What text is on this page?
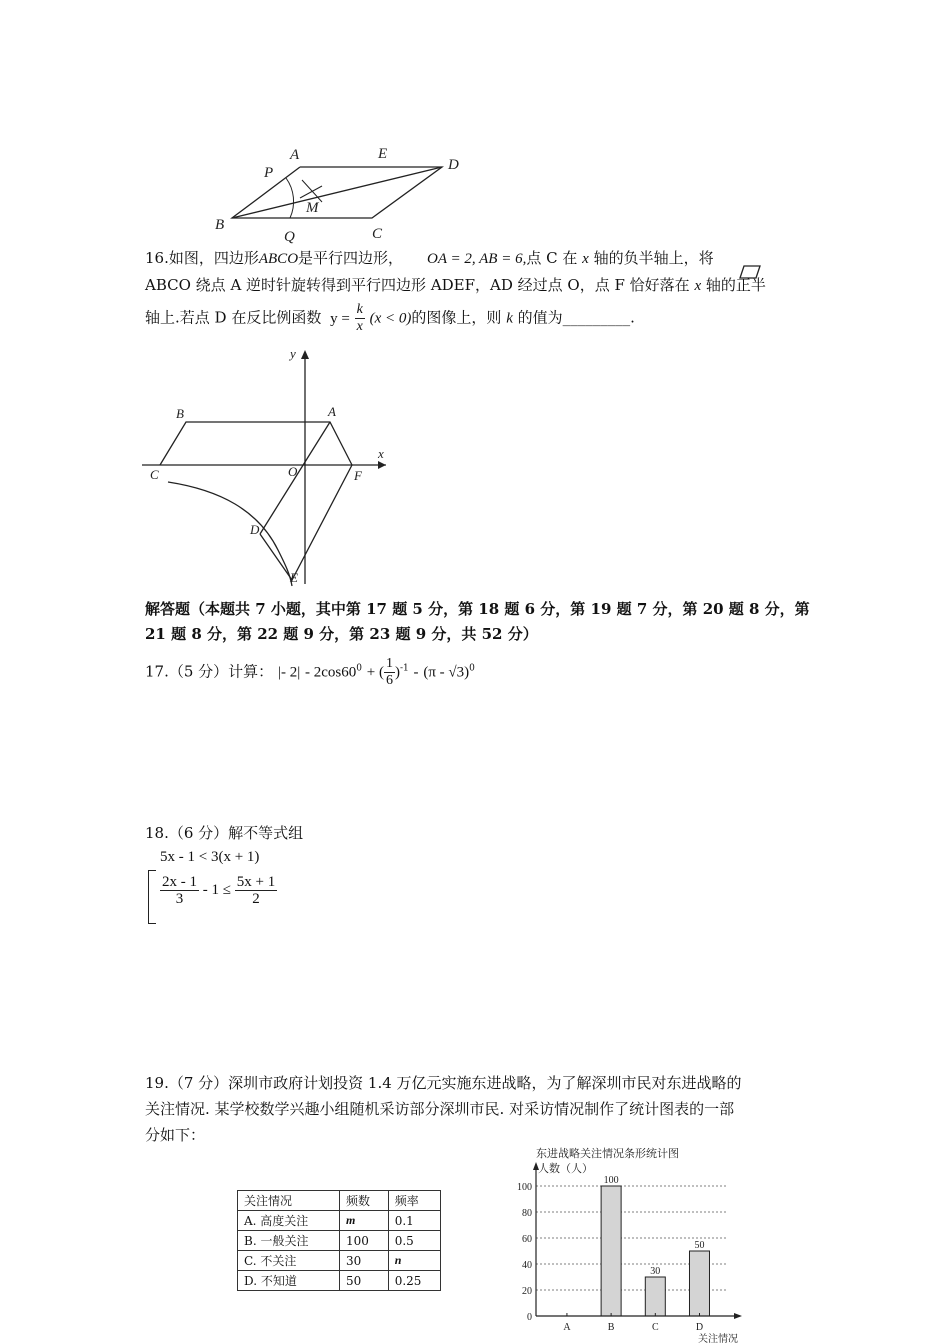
A	E
D
P
M
B
Q	C
16.如图，四边形ABCO是平行四边形， OA = 2, AB = 6,点 C 在 x 轴的负半轴上，将
ABCO 绕点 A 逆时针旋转得到平行四边形 ADEF，AD 经过点 O，点 F 恰好落在 x 轴的正半
轴上.若点 D 在反比例函数 $y = \frac{k}{x} (x < 0)$的图像上，则 k 的值为_________.
y
B	A
C	O	F
x
D
E
解答题（本题共 7 小题，其中第 17 题 5 分，第 18 题 6 分，第 19 题 7 分，第 20 题 8 分，第
21 题 8 分，第 22 题 9 分，第 23 题 9 分，共 52 分）
17.（5 分）计算： |- $2| - 2\cos 60^0$ + ( $\frac{1}{6} )^{-1} - (\pi - √3)^0$
18.（6 分）解不等式组
5x - 1 < 3(x + 1)
$\frac{2x - 1}{3} - 1 \le \frac{5x + 1}{2}$
19.（7 分）深圳市政府计划投资 1.4 万亿元实施东进战略，为了解深圳市民对东进战略的
关注情况. 某学校数学兴趣小组随机采访部分深圳市民. 对采访情况制作了统计图表的一部
分如下：
关注情况	频数	频率
A. 高度关注	m	0.1
B. 一般关注	100	0.5
C. 不关注	30	n
D. 不知道	50	0.25
东进战略关注情况条形统计图
人数（人）
关注情况
0
20
40
60
80
100
A
100
B
30
C
50
D
